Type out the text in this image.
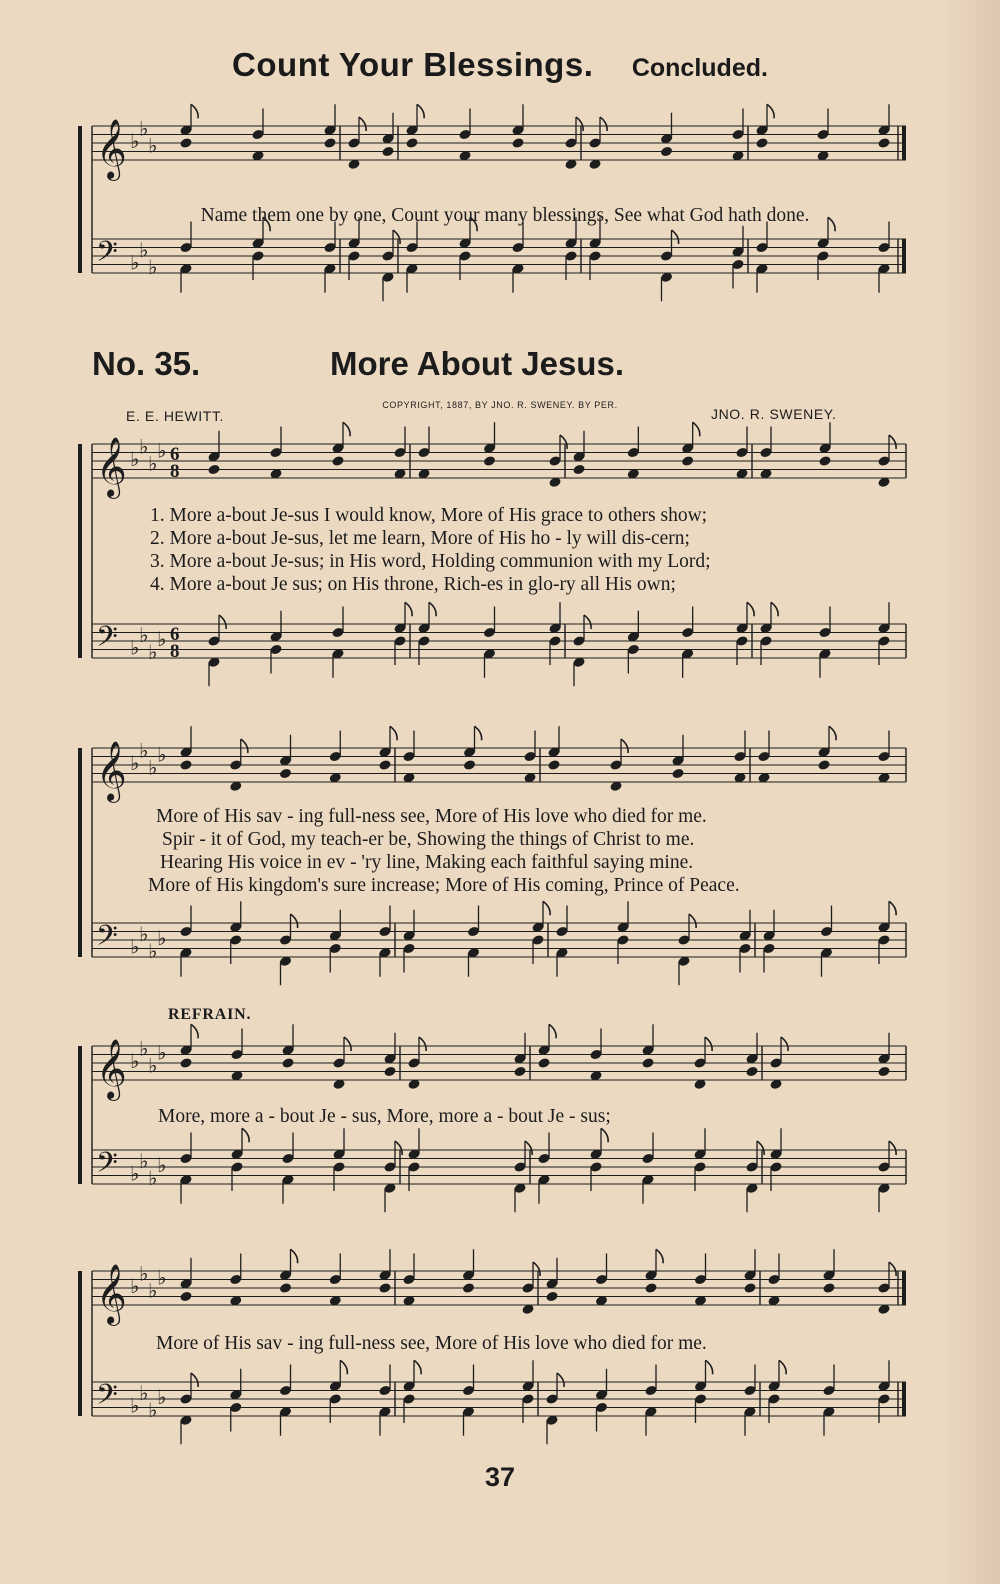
𝄞 ♭
♭
♭
𝄢 ♭
♭
♭
𝄞 ♭
♭
♭
♭ 6
8
𝄢 ♭
♭
♭
♭ 6
8
𝄞 ♭
♭
♭
♭
𝄢 ♭
♭
♭
♭
𝄞 ♭
♭
♭
♭
𝄢 ♭
♭
♭
♭
𝄞 ♭
♭
♭
♭
𝄢 ♭
♭
♭
♭
Count Your Blessings. Concluded.
Name them one by one, Count your many blessings, See what God hath done.
No. 35.	More About Jesus.
COPYRIGHT, 1887, BY JNO. R. SWENEY. BY PER.
E. E. HEWITT.	JNO. R. SWENEY.
1. More a-bout Je-sus I would know, More of His grace to others show;
2. More a-bout Je-sus, let me learn, More of His ho - ly will dis-cern;
3. More a-bout Je-sus; in His word, Holding communion with my Lord;
4. More a-bout Je sus; on His throne, Rich-es in glo-ry all His own;
More of His sav - ing full-ness see, More of His love who died for me.
Spir - it of God, my teach-er be, Showing the things of Christ to me.
Hearing His voice in ev - 'ry line, Making each faithful saying mine.
More of His kingdom's sure increase; More of His coming, Prince of Peace.
REFRAIN.
More, more a - bout Je - sus, More, more a - bout Je - sus;
More of His sav - ing full-ness see, More of His love who died for me.
37
